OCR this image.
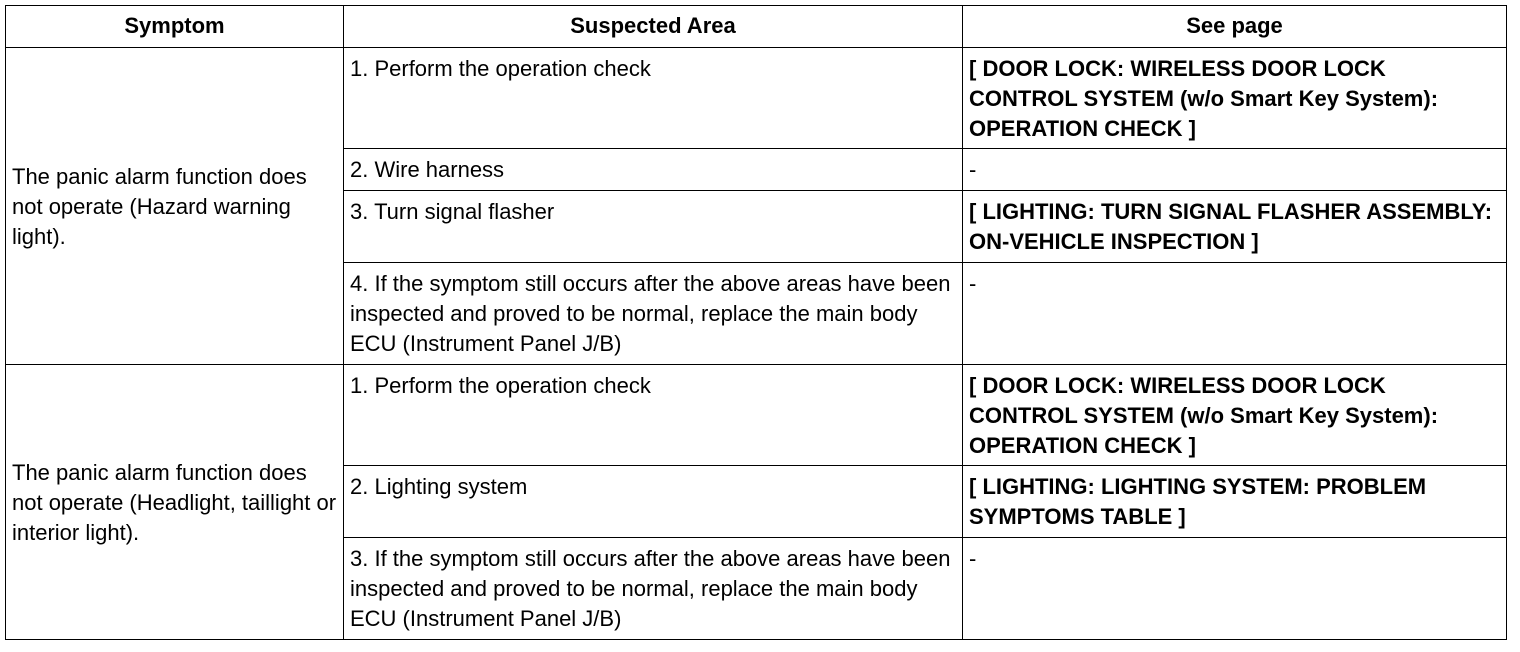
Symptom	Suspected Area	See page
The panic alarm function does not operate (Hazard warning light).	1. Perform the operation check	[ DOOR LOCK: WIRELESS DOOR LOCK CONTROL SYSTEM (w/o Smart Key System): OPERATION CHECK ]
	2. Wire harness	-
	3. Turn signal flasher	[ LIGHTING: TURN SIGNAL FLASHER ASSEMBLY: ON-VEHICLE INSPECTION ]
	4. If the symptom still occurs after the above areas have been inspected and proved to be normal, replace the main body ECU (Instrument Panel J/B)	-
The panic alarm function does not operate (Headlight, taillight or interior light).	1. Perform the operation check	[ DOOR LOCK: WIRELESS DOOR LOCK CONTROL SYSTEM (w/o Smart Key System): OPERATION CHECK ]
	2. Lighting system	[ LIGHTING: LIGHTING SYSTEM: PROBLEM SYMPTOMS TABLE ]
	3. If the symptom still occurs after the above areas have been inspected and proved to be normal, replace the main body ECU (Instrument Panel J/B)	-
